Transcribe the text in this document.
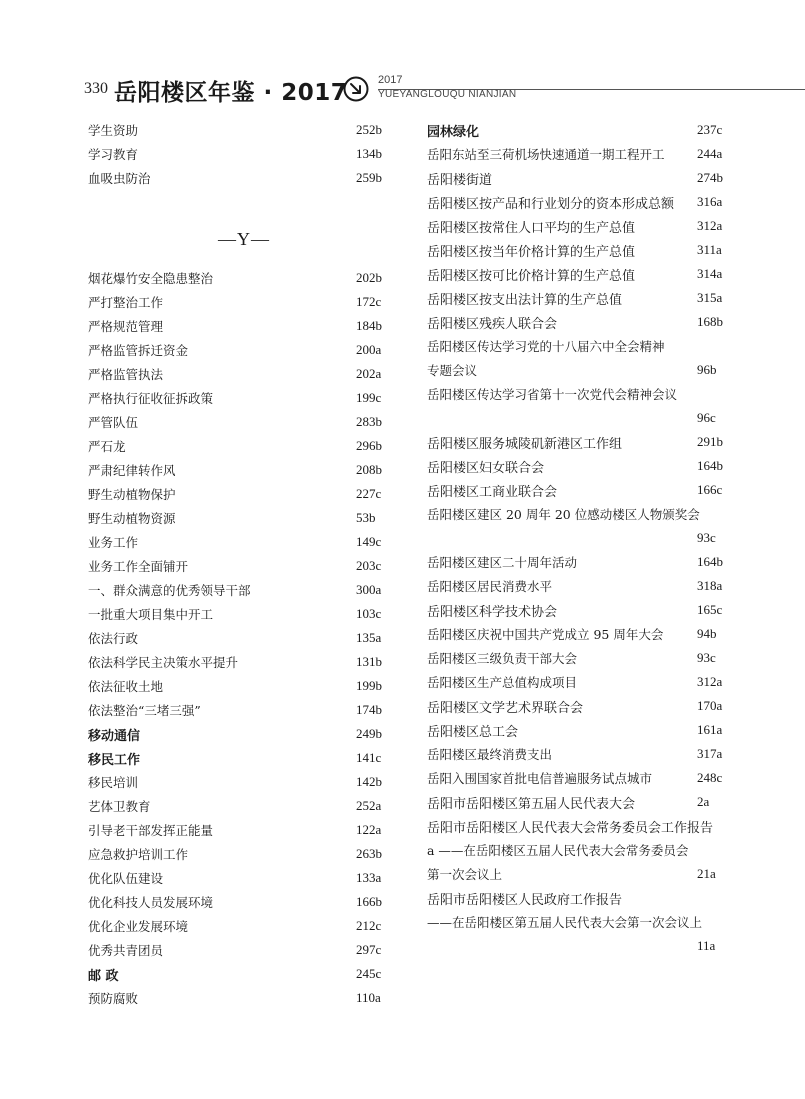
330 岳阳楼区年鉴 · 2017	2017
YUEYANGLOUQU NIANJIAN
学生资助	252b
学习教育	134b
血吸虫防治	259b
—Y—
烟花爆竹安全隐患整治	202b
严打整治工作	172c
严格规范管理	184b
严格监管拆迁资金	200a
严格监管执法	202a
严格执行征收征拆政策	199c
严管队伍	283b
严石龙	296b
严肃纪律转作风	208b
野生动植物保护	227c
野生动植物资源	53b
业务工作	149c
业务工作全面铺开	203c
一、群众满意的优秀领导干部	300a
一批重大项目集中开工	103c
依法行政	135a
依法科学民主决策水平提升	131b
依法征收土地	199b
依法整治“三堵三强”	174b
移动通信	249b
移民工作	141c
移民培训	142b
艺体卫教育	252a
引导老干部发挥正能量	122a
应急救护培训工作	263b
优化队伍建设	133a
优化科技人员发展环境	166b
优化企业发展环境	212c
优秀共青团员	297c
邮 政	245c
预防腐败	110a
园林绿化	237c
岳阳东站至三荷机场快速通道一期工程开工 244a
岳阳楼街道	274b
岳阳楼区按产品和行业划分的资本形成总额 316a
岳阳楼区按常住人口平均的生产总值	312a
岳阳楼区按当年价格计算的生产总值	311a
岳阳楼区按可比价格计算的生产总值	314a
岳阳楼区按支出法计算的生产总值	315a
岳阳楼区残疾人联合会	168b
岳阳楼区传达学习党的十八届六中全会精神
专题会议	96b
岳阳楼区传达学习省第十一次党代会精神会议
96c
岳阳楼区服务城陵矶新港区工作组	291b
岳阳楼区妇女联合会	164b
岳阳楼区工商业联合会	166c
岳阳楼区建区 20 周年 20 位感动楼区人物颁奖会
93c
岳阳楼区建区二十周年活动	164b
岳阳楼区居民消费水平	318a
岳阳楼区科学技术协会	165c
岳阳楼区庆祝中国共产党成立 95 周年大会	94b
岳阳楼区三级负责干部大会	93c
岳阳楼区生产总值构成项目	312a
岳阳楼区文学艺术界联合会	170a
岳阳楼区总工会	161a
岳阳楼区最终消费支出	317a
岳阳入围国家首批电信普遍服务试点城市	248c
岳阳市岳阳楼区第五届人民代表大会	2a
岳阳市岳阳楼区人民代表大会常务委员会工作报告
a ——在岳阳楼区五届人民代表大会常务委员会
第一次会议上	21a
岳阳市岳阳楼区人民政府工作报告
——在岳阳楼区第五届人民代表大会第一次会议上
11a
